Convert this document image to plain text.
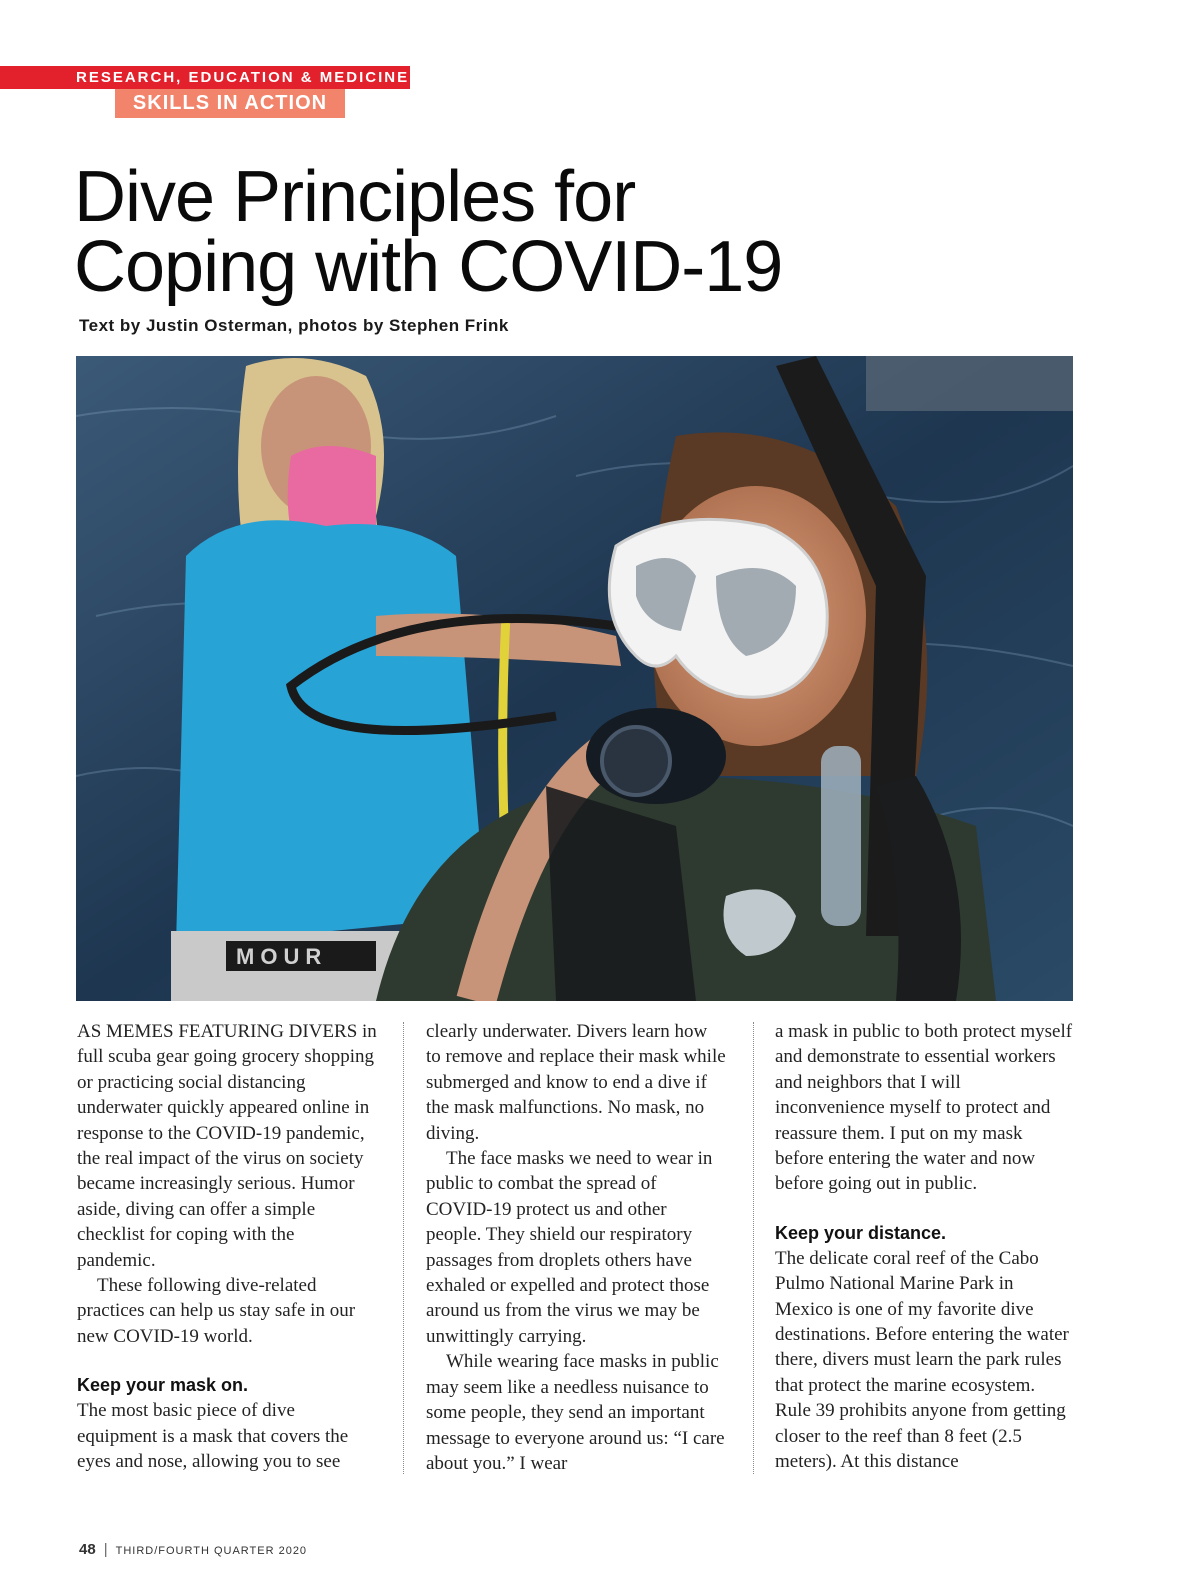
RESEARCH, EDUCATION & MEDICINE
SKILLS IN ACTION
Dive Principles for
Coping with COVID-19
Text by Justin Osterman, photos by Stephen Frink
MOUR

AS MEMES FEATURING DIVERS in full scuba gear going grocery shopping or practicing social distancing underwater quickly appeared online in response to the COVID-19 pandemic, the real impact of the virus on society became increasingly serious. Humor aside, diving can offer a simple checklist for coping with the pandemic.

These following dive-related practices can help us stay safe in our new COVID-19 world.

Keep your mask on.

The most basic piece of dive equipment is a mask that covers the eyes and nose, allowing you to see

clearly underwater. Divers learn how to remove and replace their mask while submerged and know to end a dive if the mask malfunctions. No mask, no diving.

The face masks we need to wear in public to combat the spread of COVID-19 protect us and other people. They shield our respiratory passages from droplets others have exhaled or expelled and protect those around us from the virus we may be unwittingly carrying.

While wearing face masks in public may seem like a needless nuisance to some people, they send an important message to everyone around us: “I care about you.” I wear

a mask in public to both protect myself and demonstrate to essential workers and neighbors that I will inconvenience myself to protect and reassure them. I put on my mask before entering the water and now before going out in public.

Keep your distance.

The delicate coral reef of the Cabo Pulmo National Marine Park in Mexico is one of my favorite dive destinations. Before entering the water there, divers must learn the park rules that protect the marine ecosystem. Rule 39 prohibits anyone from getting closer to the reef than 8 feet (2.5 meters). At this distance

48 | THIRD/FOURTH QUARTER 2020
